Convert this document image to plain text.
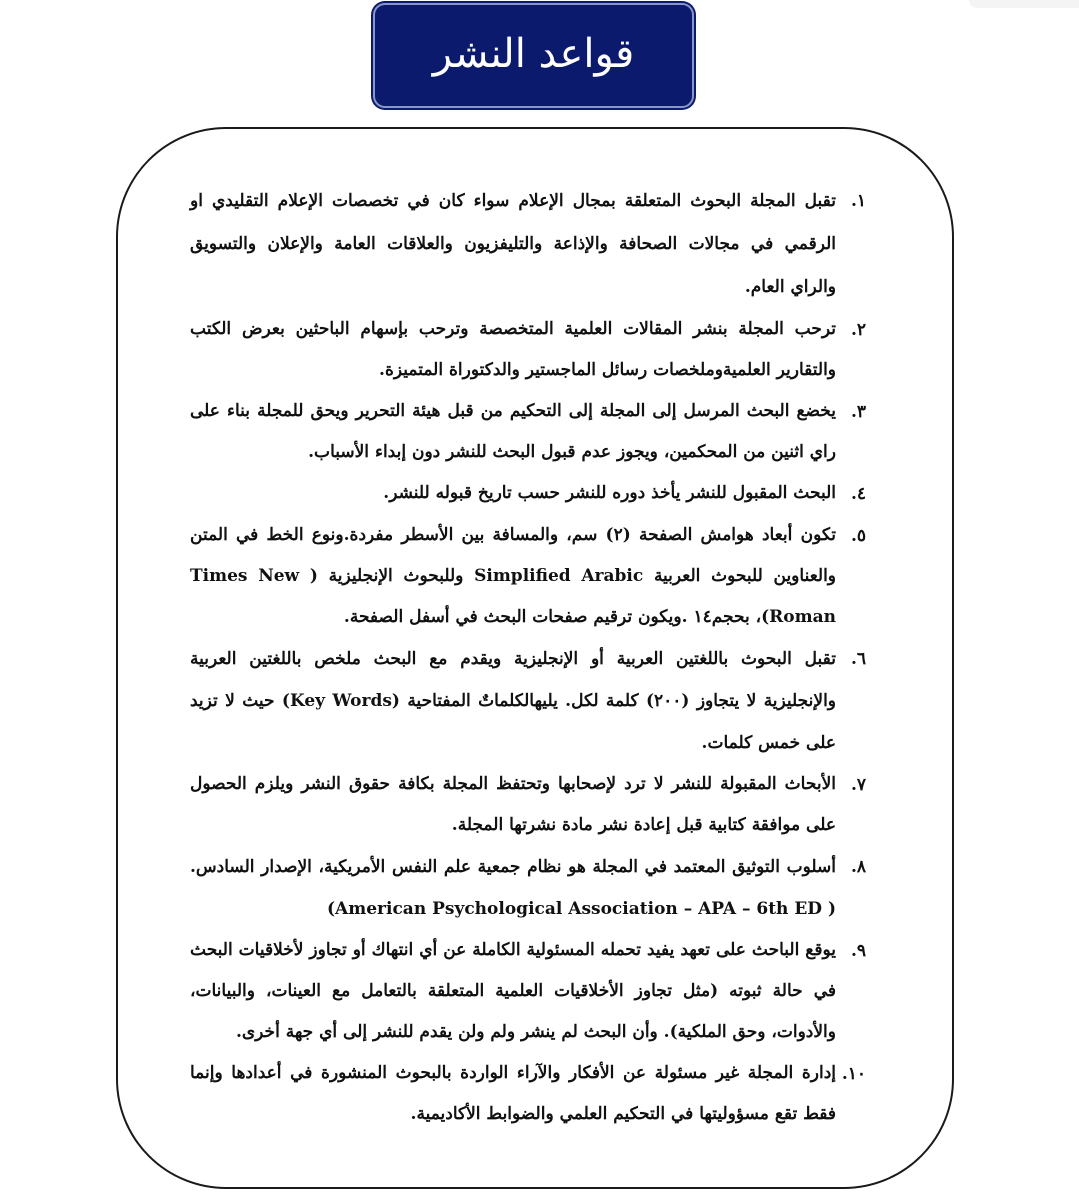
قواعد النشر
١.
تقبل المجلة البحوث المتعلقة بمجال الإعلام سواء كان في تخصصات الإعلام التقليدي او الرقمي في مجالات الصحافة والإذاعة والتليفزيون والعلاقات العامة والإعلان والتسويق والراي العام.
٢.
ترحب المجلة بنشر المقالات العلمية المتخصصة وترحب بإسهام الباحثين بعرض الكتب والتقارير العلميةوملخصات رسائل الماجستير والدكتوراة المتميزة.
٣.
يخضع البحث المرسل إلى المجلة إلى التحكيم من قبل هيئة التحرير ويحق للمجلة بناء على راي اثنين من المحكمين، ويجوز عدم قبول البحث للنشر دون إبداء الأسباب.
٤.
البحث المقبول للنشر يأخذ دوره للنشر حسب تاريخ قبوله للنشر.
٥.
تكون أبعاد هوامش الصفحة (٢) سم، والمسافة بين الأسطر مفردة.ونوع الخط في المتن والعناوين للبحوث العربية Simplified Arabic وللبحوث الإنجليزية ( Times New Roman)، بحجم١٤ .ويكون ترقيم صفحات البحث في أسفل الصفحة.
٦.
تقبل البحوث باللغتين العربية أو الإنجليزية ويقدم مع البحث ملخص باللغتين العربية والإنجليزية لا يتجاوز (٢٠٠) كلمة لكل. يليهالكلماتٌ المفتاحية (Key Words) حيث لا تزيد على خمس كلمات.
٧.
الأبحاث المقبولة للنشر لا ترد لإصحابها وتحتفظ المجلة بكافة حقوق النشر ويلزم الحصول على موافقة كتابية قبل إعادة نشر مادة نشرتها المجلة.
٨.
أسلوب التوثيق المعتمد في المجلة هو نظام جمعية علم النفس الأمريكية، الإصدار السادس. ( American Psychological Association – APA – 6th ED)
٩.
يوقع الباحث على تعهد يفيد تحمله المسئولية الكاملة عن أي انتهاك أو تجاوز لأخلاقيات البحث في حالة ثبوته (مثل تجاوز الأخلاقيات العلمية المتعلقة بالتعامل مع العينات، والبيانات، والأدوات، وحق الملكية). وأن البحث لم ينشر ولم ولن يقدم للنشر إلى أي جهة أخرى.
١٠.
إدارة المجلة غير مسئولة عن الأفكار والآراء الواردة بالبحوث المنشورة في أعدادها وإنما فقط تقع مسؤوليتها في التحكيم العلمي والضوابط الأكاديمية.
